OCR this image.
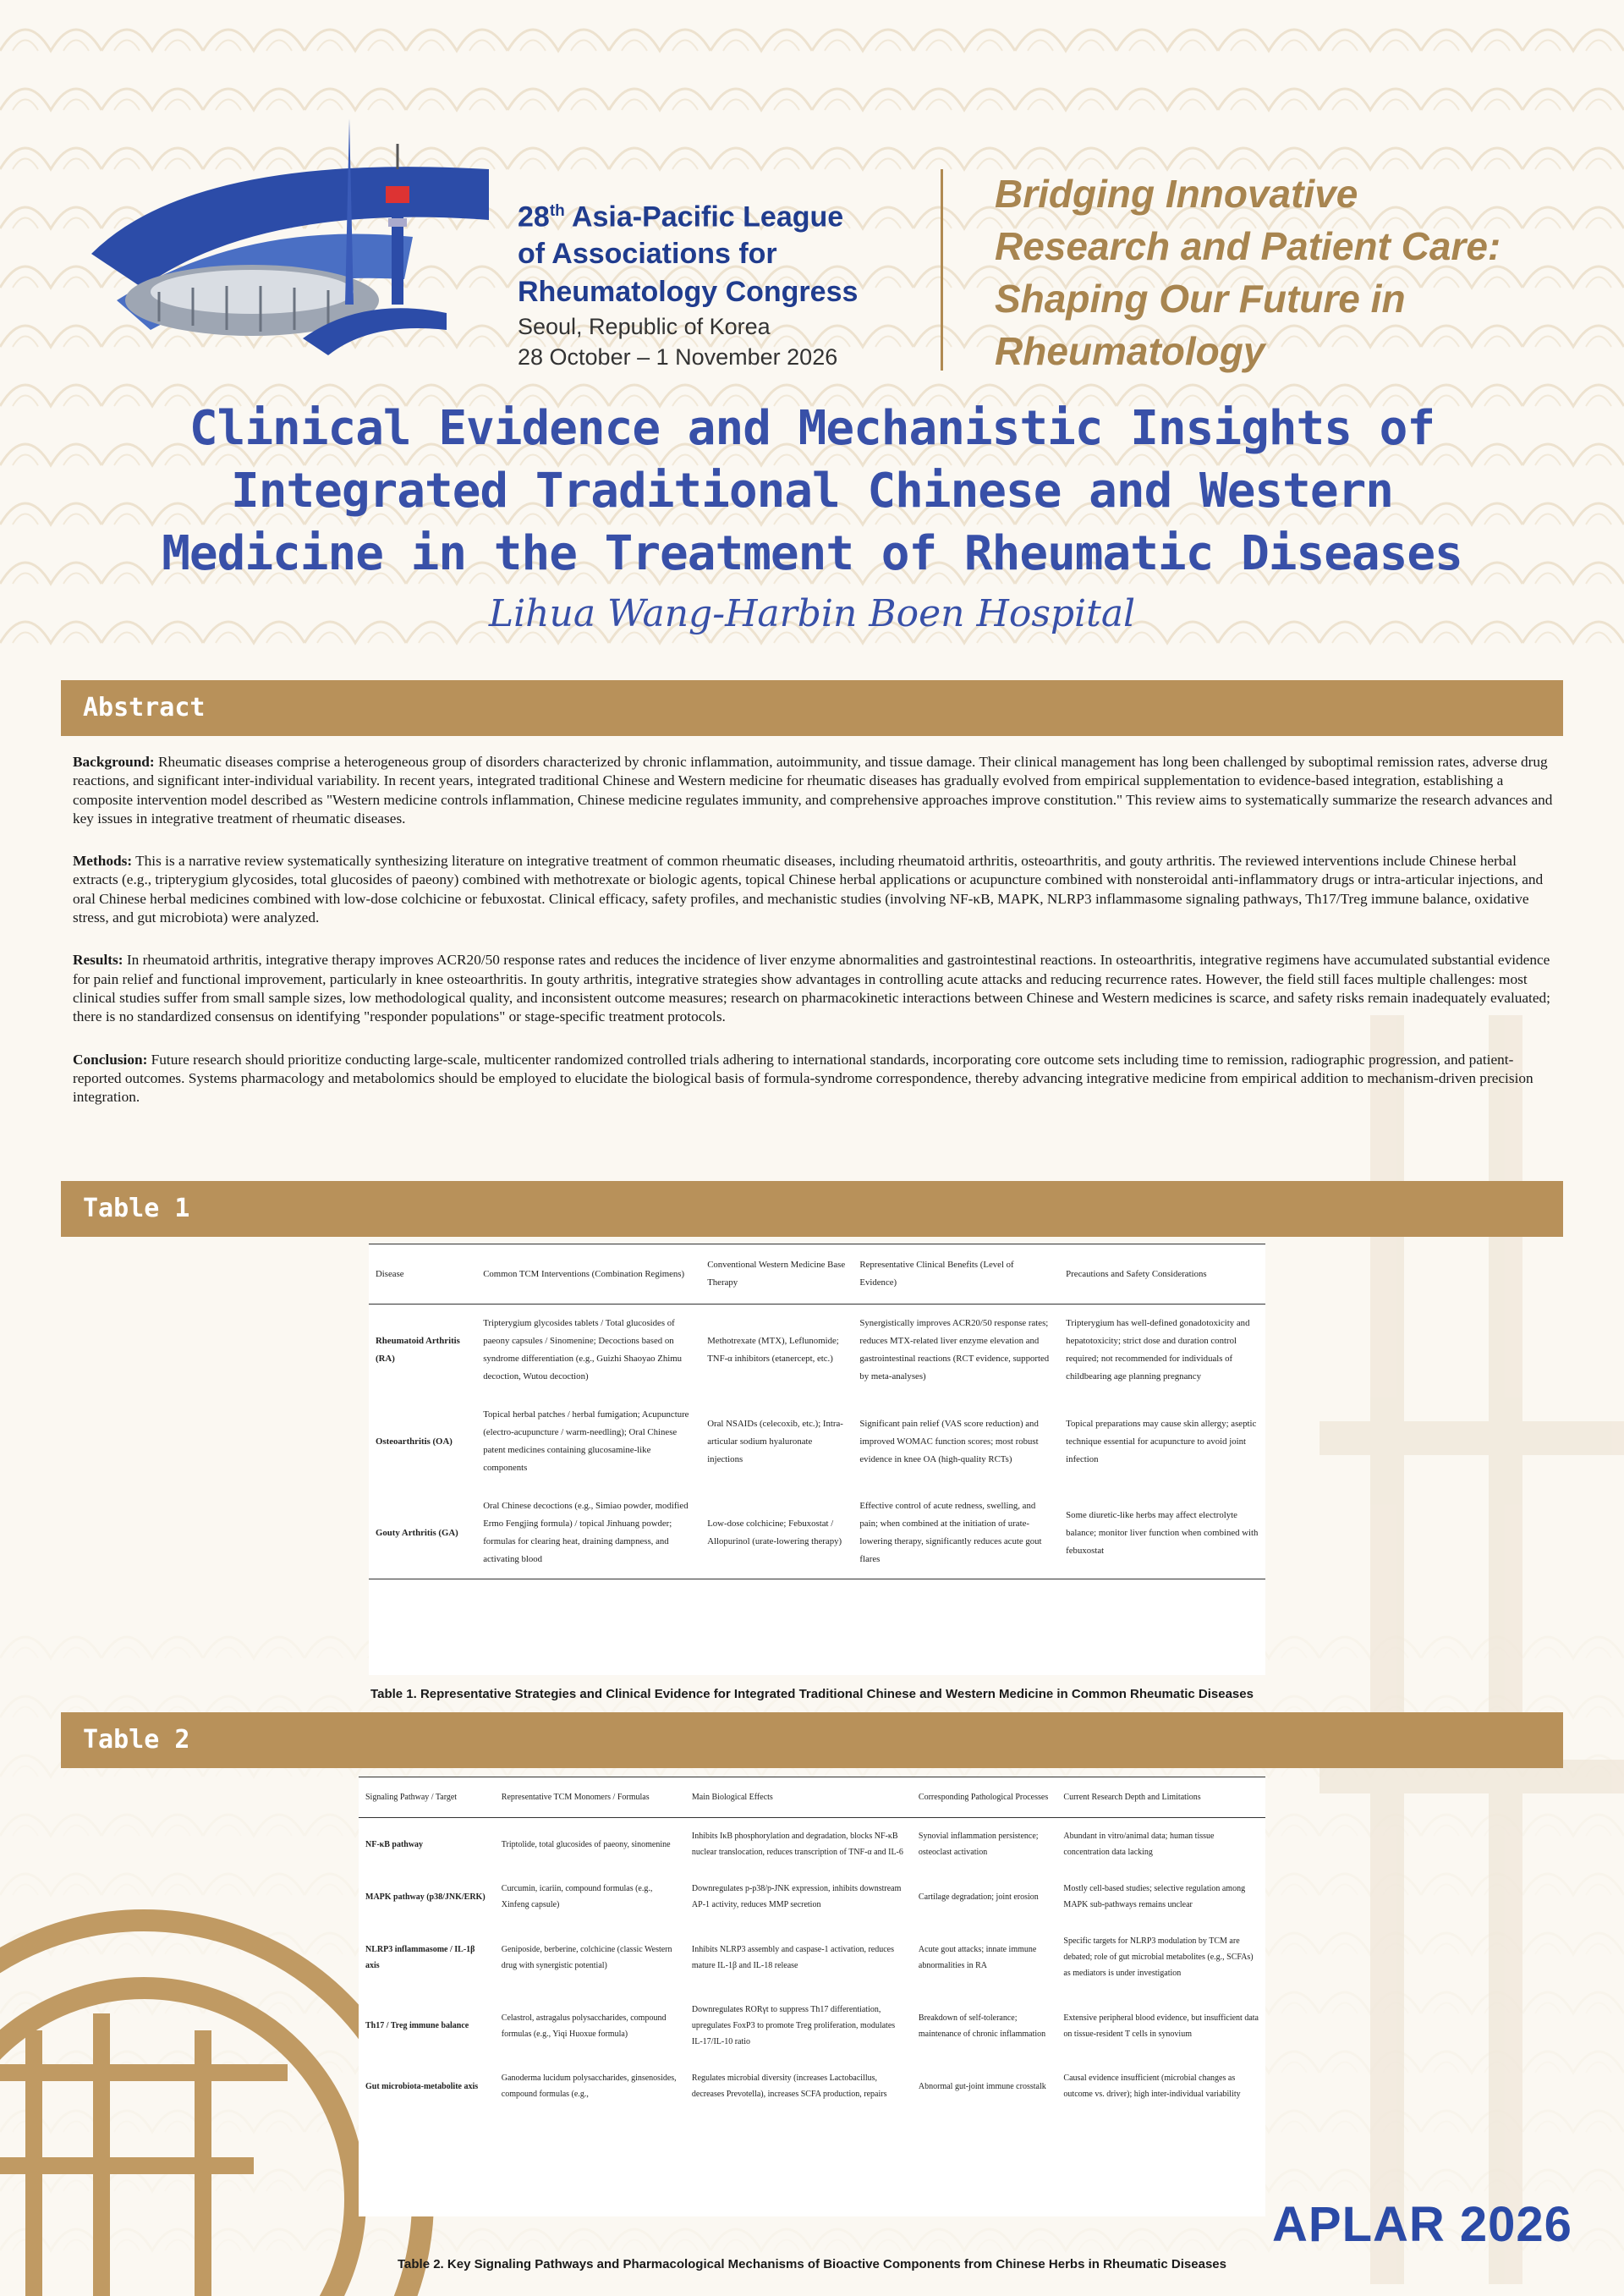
28th Asia-Pacific League
of Associations for
Rheumatology Congress
Seoul, Republic of Korea
28 October – 1 November 2026
Bridging Innovative
Research and Patient Care:
Shaping Our Future in
Rheumatology
Clinical Evidence and Mechanistic Insights of
Integrated Traditional Chinese and Western
Medicine in the Treatment of Rheumatic Diseases
Lihua Wang-Harbin Boen Hospital
Abstract

Background: Rheumatic diseases comprise a heterogeneous group of disorders characterized by chronic inflammation, autoimmunity, and tissue damage. Their clinical management has long been challenged by suboptimal remission rates, adverse drug reactions, and significant inter-individual variability. In recent years, integrated traditional Chinese and Western medicine for rheumatic diseases has gradually evolved from empirical supplementation to evidence-based integration, establishing a composite intervention model described as "Western medicine controls inflammation, Chinese medicine regulates immunity, and comprehensive approaches improve constitution." This review aims to systematically summarize the research advances and key issues in integrative treatment of rheumatic diseases.

Methods: This is a narrative review systematically synthesizing literature on integrative treatment of common rheumatic diseases, including rheumatoid arthritis, osteoarthritis, and gouty arthritis. The reviewed interventions include Chinese herbal extracts (e.g., tripterygium glycosides, total glucosides of paeony) combined with methotrexate or biologic agents, topical Chinese herbal applications or acupuncture combined with nonsteroidal anti-inflammatory drugs or intra-articular injections, and oral Chinese herbal medicines combined with low-dose colchicine or febuxostat. Clinical efficacy, safety profiles, and mechanistic studies (involving NF-κB, MAPK, NLRP3 inflammasome signaling pathways, Th17/Treg immune balance, oxidative stress, and gut microbiota) were analyzed.

Results: In rheumatoid arthritis, integrative therapy improves ACR20/50 response rates and reduces the incidence of liver enzyme abnormalities and gastrointestinal reactions. In osteoarthritis, integrative regimens have accumulated substantial evidence for pain relief and functional improvement, particularly in knee osteoarthritis. In gouty arthritis, integrative strategies show advantages in controlling acute attacks and reducing recurrence rates. However, the field still faces multiple challenges: most clinical studies suffer from small sample sizes, low methodological quality, and inconsistent outcome measures; research on pharmacokinetic interactions between Chinese and Western medicines is scarce, and safety risks remain inadequately evaluated; there is no standardized consensus on identifying "responder populations" or stage-specific treatment protocols.

Conclusion: Future research should prioritize conducting large-scale, multicenter randomized controlled trials adhering to international standards, incorporating core outcome sets including time to remission, radiographic progression, and patient-reported outcomes. Systems pharmacology and metabolomics should be employed to elucidate the biological basis of formula-syndrome correspondence, thereby advancing integrative medicine from empirical addition to mechanism-driven precision integration.

Table 1
Disease	Common TCM Interventions (Combination Regimens)	Conventional Western Medicine Base Therapy	Representative Clinical Benefits (Level of Evidence)	Precautions and Safety Considerations
Rheumatoid Arthritis (RA)	Tripterygium glycosides tablets / Total glucosides of paeony capsules / Sinomenine; Decoctions based on syndrome differentiation (e.g., Guizhi Shaoyao Zhimu decoction, Wutou decoction)	Methotrexate (MTX), Leflunomide; TNF-α inhibitors (etanercept, etc.)	Synergistically improves ACR20/50 response rates; reduces MTX-related liver enzyme elevation and gastrointestinal reactions (RCT evidence, supported by meta-analyses)	Tripterygium has well-defined gonadotoxicity and hepatotoxicity; strict dose and duration control required; not recommended for individuals of childbearing age planning pregnancy
Osteoarthritis (OA)	Topical herbal patches / herbal fumigation; Acupuncture (electro-acupuncture / warm-needling); Oral Chinese patent medicines containing glucosamine-like components	Oral NSAIDs (celecoxib, etc.); Intra-articular sodium hyaluronate injections	Significant pain relief (VAS score reduction) and improved WOMAC function scores; most robust evidence in knee OA (high-quality RCTs)	Topical preparations may cause skin allergy; aseptic technique essential for acupuncture to avoid joint infection
Gouty Arthritis (GA)	Oral Chinese decoctions (e.g., Simiao powder, modified Ermo Fengjing formula) / topical Jinhuang powder; formulas for clearing heat, draining dampness, and activating blood	Low-dose colchicine; Febuxostat / Allopurinol (urate-lowering therapy)	Effective control of acute redness, swelling, and pain; when combined at the initiation of urate-lowering therapy, significantly reduces acute gout flares	Some diuretic-like herbs may affect electrolyte balance; monitor liver function when combined with febuxostat
Table 1. Representative Strategies and Clinical Evidence for Integrated Traditional Chinese and Western Medicine in Common Rheumatic Diseases
Table 2
Signaling Pathway / Target	Representative TCM Monomers / Formulas	Main Biological Effects	Corresponding Pathological Processes	Current Research Depth and Limitations
NF-κB pathway	Triptolide, total glucosides of paeony, sinomenine	Inhibits IκB phosphorylation and degradation, blocks NF-κB nuclear translocation, reduces transcription of TNF-α and IL-6	Synovial inflammation persistence; osteoclast activation	Abundant in vitro/animal data; human tissue concentration data lacking
MAPK pathway (p38/JNK/ERK)	Curcumin, icariin, compound formulas (e.g., Xinfeng capsule)	Downregulates p-p38/p-JNK expression, inhibits downstream AP-1 activity, reduces MMP secretion	Cartilage degradation; joint erosion	Mostly cell-based studies; selective regulation among MAPK sub-pathways remains unclear
NLRP3 inflammasome / IL-1β axis	Geniposide, berberine, colchicine (classic Western drug with synergistic potential)	Inhibits NLRP3 assembly and caspase-1 activation, reduces mature IL-1β and IL-18 release	Acute gout attacks; innate immune abnormalities in RA	Specific targets for NLRP3 modulation by TCM are debated; role of gut microbial metabolites (e.g., SCFAs) as mediators is under investigation
Th17 / Treg immune balance	Celastrol, astragalus polysaccharides, compound formulas (e.g., Yiqi Huoxue formula)	Downregulates RORγt to suppress Th17 differentiation, upregulates FoxP3 to promote Treg proliferation, modulates IL-17/IL-10 ratio	Breakdown of self-tolerance; maintenance of chronic inflammation	Extensive peripheral blood evidence, but insufficient data on tissue-resident T cells in synovium
Gut microbiota-metabolite axis	Ganoderma lucidum polysaccharides, ginsenosides, compound formulas (e.g.,	Regulates microbial diversity (increases Lactobacillus, decreases Prevotella), increases SCFA production, repairs	Abnormal gut-joint immune crosstalk	Causal evidence insufficient (microbial changes as outcome vs. driver); high inter-individual variability
Table 2. Key Signaling Pathways and Pharmacological Mechanisms of Bioactive Components from Chinese Herbs in Rheumatic Diseases
APLAR 2026
